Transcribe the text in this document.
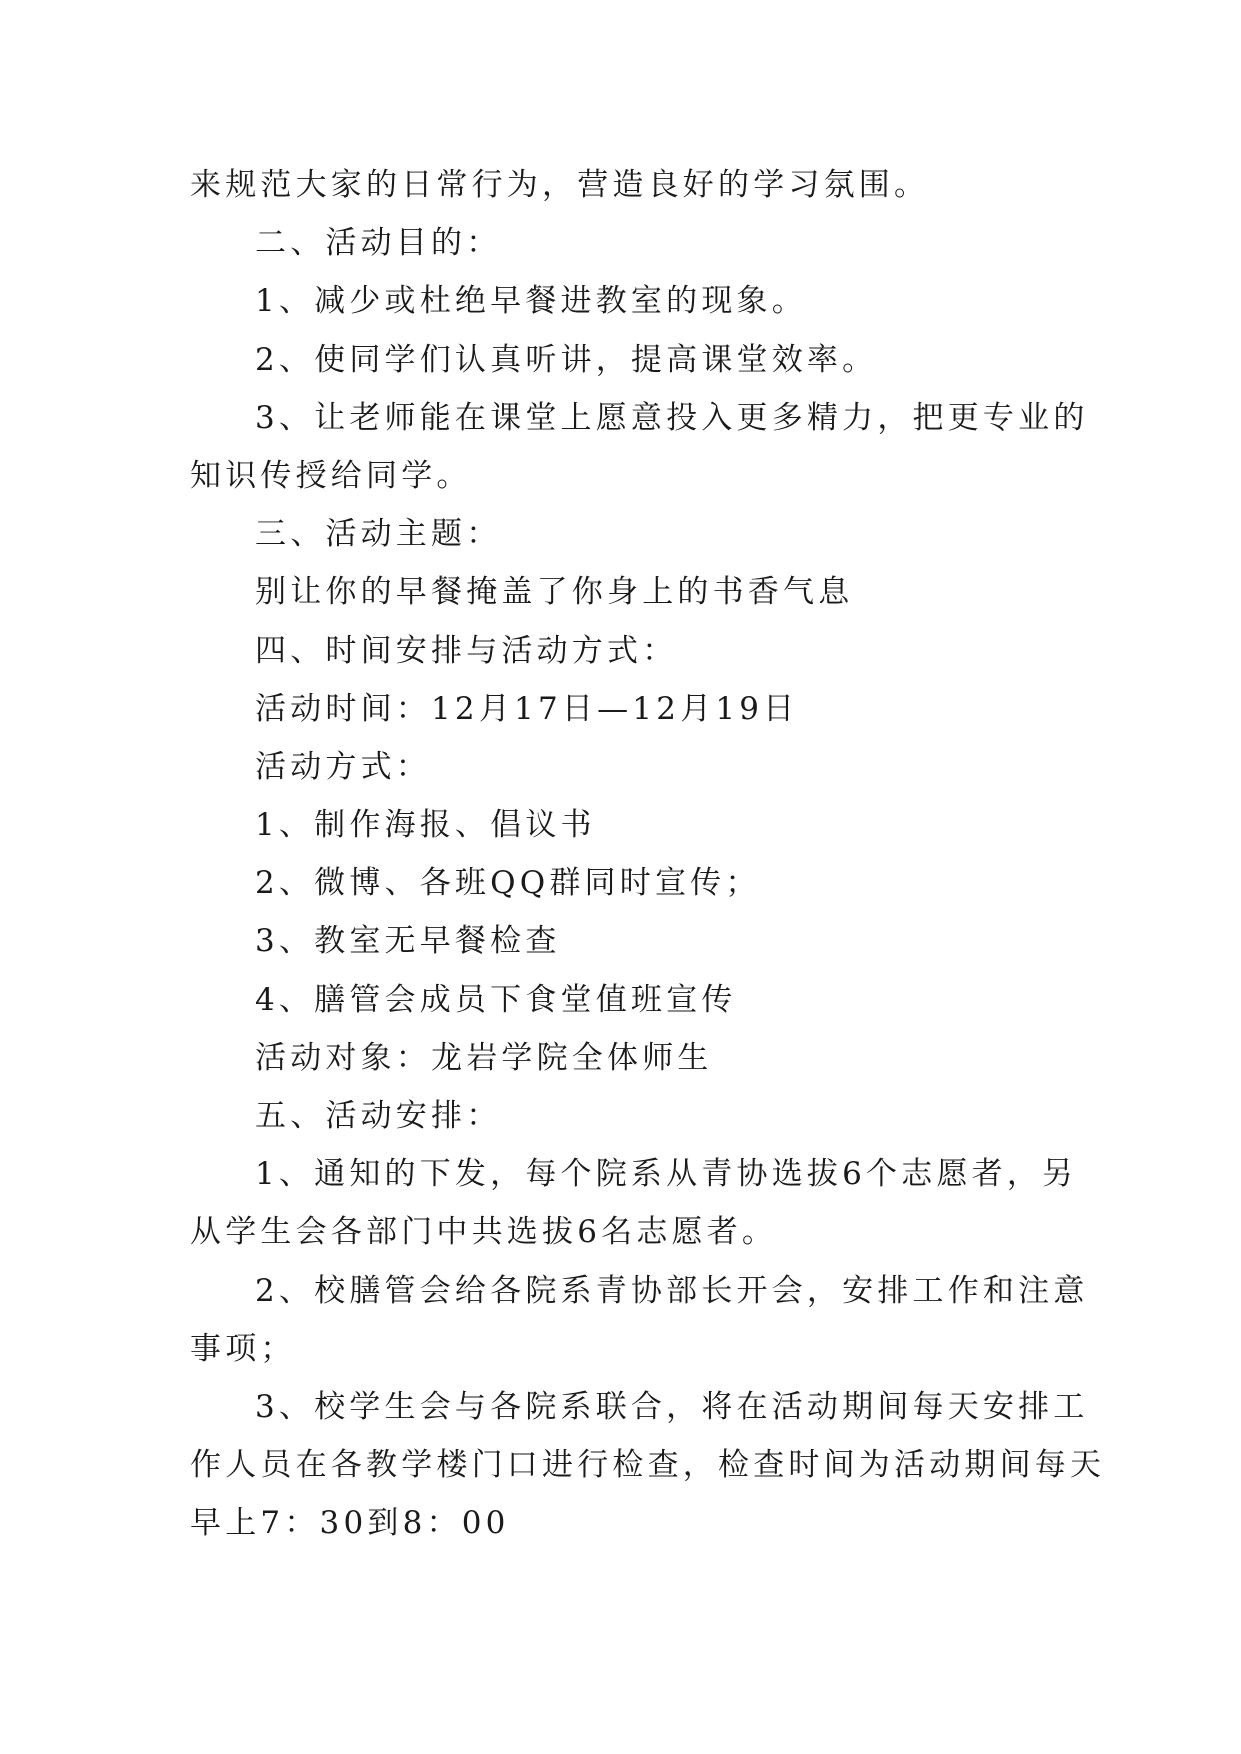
来规范大家的日常行为，营造良好的学习氛围。
二、活动目的：
1、减少或杜绝早餐进教室的现象。
2、使同学们认真听讲，提高课堂效率。
3、让老师能在课堂上愿意投入更多精力，把更专业的
知识传授给同学。
三、活动主题：
别让你的早餐掩盖了你身上的书香气息
四、时间安排与活动方式：
活动时间：12月17日—12月19日
活动方式：
1、制作海报、倡议书
2、微博、各班QQ群同时宣传；
3、教室无早餐检查
4、膳管会成员下食堂值班宣传
活动对象：龙岩学院全体师生
五、活动安排：
1、通知的下发，每个院系从青协选拔6个志愿者，另
从学生会各部门中共选拔6名志愿者。
2、校膳管会给各院系青协部长开会，安排工作和注意
事项；
3、校学生会与各院系联合，将在活动期间每天安排工
作人员在各教学楼门口进行检查，检查时间为活动期间每天
早上7：30到8：00
